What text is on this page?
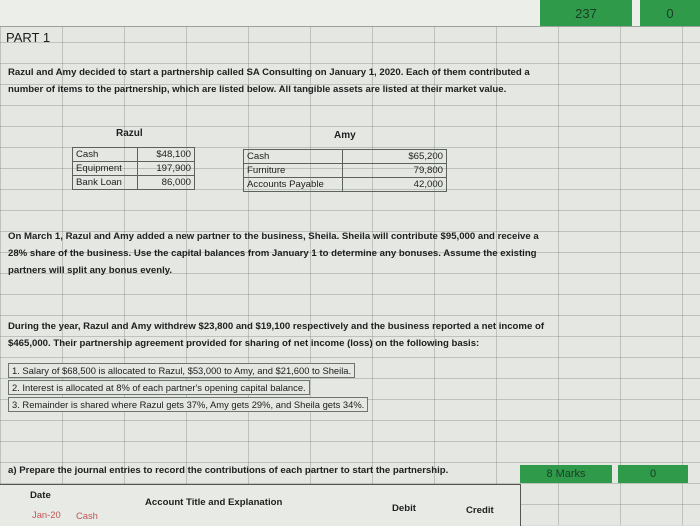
237	0
PART 1
Razul and Amy decided to start a partnership called SA Consulting on January 1, 2020. Each of them contributed a
number of items to the partnership, which are listed below. All tangible assets are listed at their market value.
Razul
Cash	$48,100
Equipment	197,900
Bank Loan	86,000
Amy
Cash	$65,200
Furniture	79,800
Accounts Payable	42,000
On March 1, Razul and Amy added a new partner to the business, Sheila. Sheila will contribute $95,000 and receive a
28% share of the business. Use the capital balances from January 1 to determine any bonuses. Assume the existing
partners will split any bonus evenly.
During the year, Razul and Amy withdrew $23,800 and $19,100 respectively and the business reported a net income of
$465,000. Their partnership agreement provided for sharing of net income (loss) on the following basis:
1. Salary of $68,500 is allocated to Razul, $53,000 to Amy, and $21,600 to Sheila.
2. Interest is allocated at 8% of each partner's opening capital balance.
3. Remainder is shared where Razul gets 37%, Amy gets 29%, and Sheila gets 34%.
a) Prepare the journal entries to record the contributions of each partner to start the partnership.	8 Marks	0
Date
Account Title and Explanation
Debit	Credit
Jan-20 Cash
